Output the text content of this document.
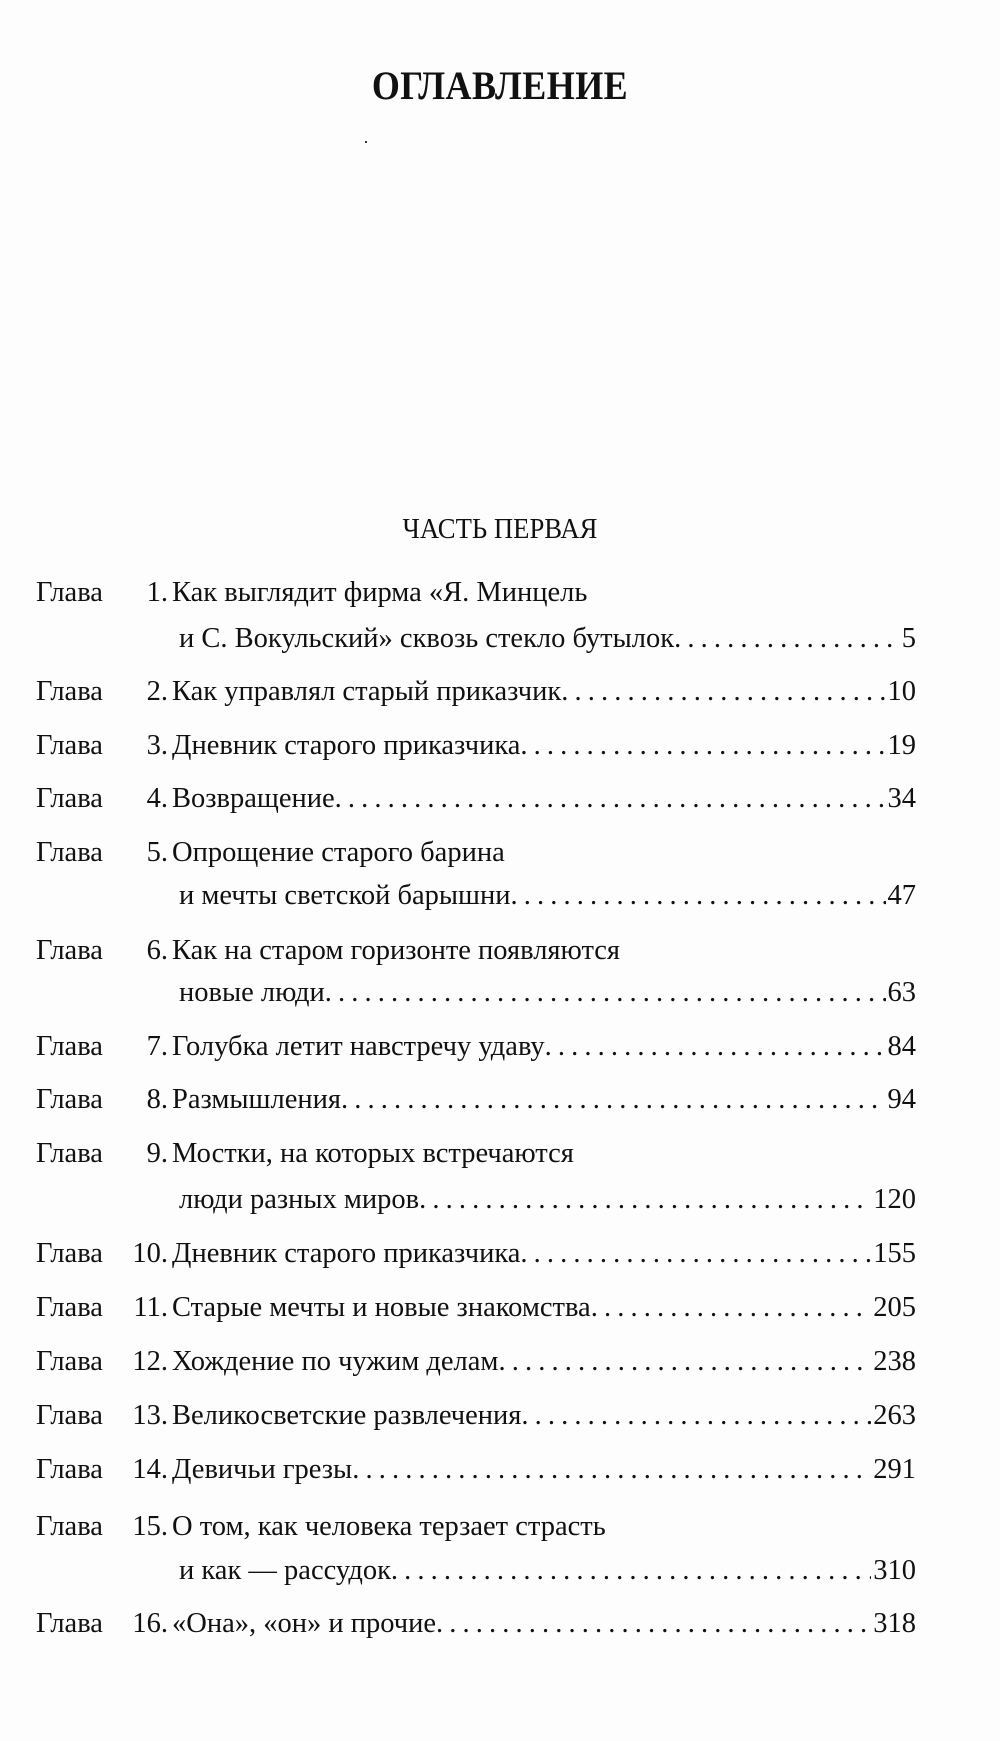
ОГЛАВЛЕНИЕ
ЧАСТЬ ПЕРВАЯ
Глава	1. Как выглядит фирма «Я. Минцель
и С. Вокульский» сквозь стекло бутылок . . .	5
Глава	2. Как управлял старый приказчик . . .	10
Глава	3. Дневник старого приказчика . . .	19
Глава	4. Возвращение . . .	34
Глава	5. Опрощение старого барина
и мечты светской барышни . . .	47
Глава	6. Как на старом горизонте появляются
новые люди . . .	63
Глава	7. Голубка летит навстречу удаву . . .	84
Глава	8. Размышления . . .	94
Глава	9. Мостки, на которых встречаются
люди разных миров . . .	120
Глава	10. Дневник старого приказчика . . .	155
Глава	11. Старые мечты и новые знакомства . . .	205
Глава	12. Хождение по чужим делам . . .	238
Глава	13. Великосветские развлечения . . .	263
Глава	14. Девичьи грезы . . .	291
Глава	15. О том, как человека терзает страсть
и как — рассудок . . .	310
Глава	16. «Она», «он» и прочие . . .	318
